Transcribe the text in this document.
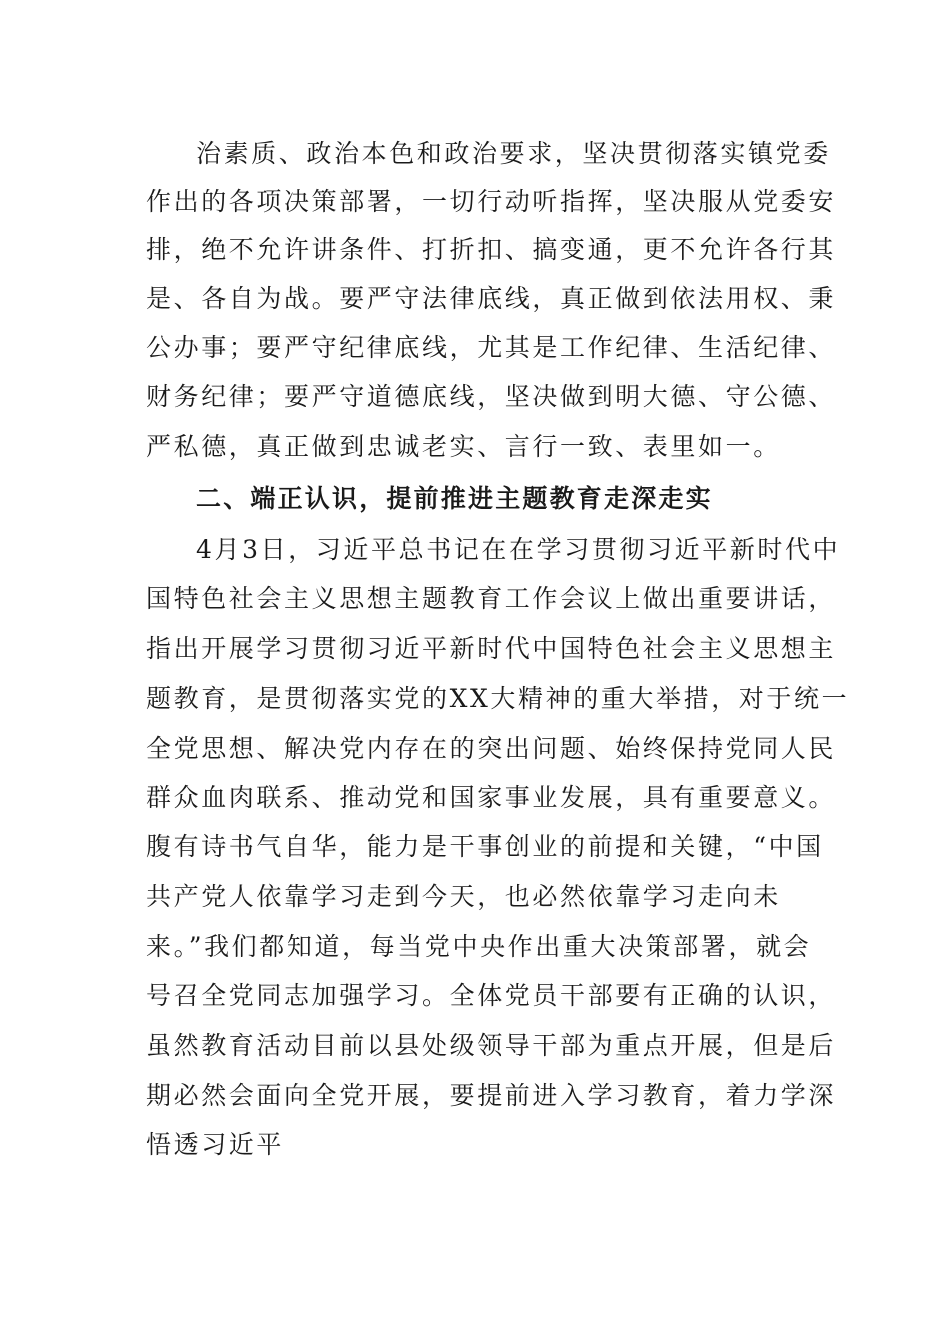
治素质、政治本色和政治要求，坚决贯彻落实镇党委
作出的各项决策部署，一切行动听指挥，坚决服从党委安
排，绝不允许讲条件、打折扣、搞变通，更不允许各行其
是、各自为战。要严守法律底线，真正做到依法用权、秉
公办事；要严守纪律底线，尤其是工作纪律、生活纪律、
财务纪律；要严守道德底线，坚决做到明大德、守公德、
严私德，真正做到忠诚老实、言行一致、表里如一。
二、端正认识，提前推进主题教育走深走实
4月3日，习近平总书记在在学习贯彻习近平新时代中
国特色社会主义思想主题教育工作会议上做出重要讲话，
指出开展学习贯彻习近平新时代中国特色社会主义思想主
题教育，是贯彻落实党的XX大精神的重大举措，对于统一
全党思想、解决党内存在的突出问题、始终保持党同人民
群众血肉联系、推动党和国家事业发展，具有重要意义。
腹有诗书气自华，能力是干事创业的前提和关键，“中国
共产党人依靠学习走到今天，也必然依靠学习走向未
来。”我们都知道，每当党中央作出重大决策部署，就会
号召全党同志加强学习。全体党员干部要有正确的认识，
虽然教育活动目前以县处级领导干部为重点开展，但是后
期必然会面向全党开展，要提前进入学习教育，着力学深
悟透习近平
